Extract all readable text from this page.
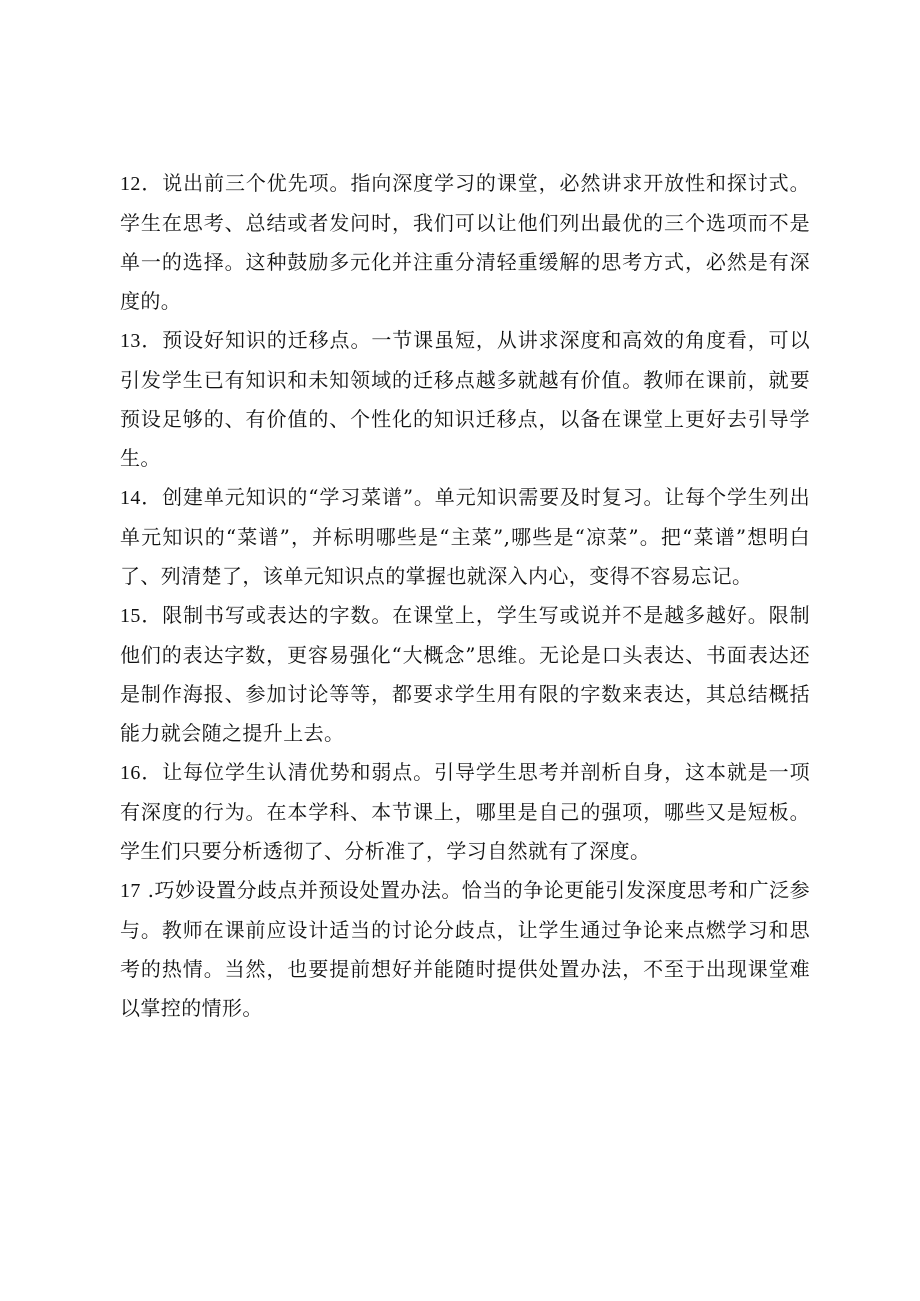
12．说出前三个优先项。指向深度学习的课堂，必然讲求开放性和探讨式。学生在思考、总结或者发问时，我们可以让他们列出最优的三个选项而不是单一的选择。这种鼓励多元化并注重分清轻重缓解的思考方式，必然是有深度的。

13．预设好知识的迁移点。一节课虽短，从讲求深度和高效的角度看，可以引发学生已有知识和未知领域的迁移点越多就越有价值。教师在课前，就要预设足够的、有价值的、个性化的知识迁移点，以备在课堂上更好去引导学生。

14．创建单元知识的“学习菜谱”。单元知识需要及时复习。让每个学生列出单元知识的“菜谱”，并标明哪些是“主菜”,哪些是“凉菜”。把“菜谱”想明白了、列清楚了，该单元知识点的掌握也就深入内心，变得不容易忘记。

15．限制书写或表达的字数。在课堂上，学生写或说并不是越多越好。限制他们的表达字数，更容易强化“大概念”思维。无论是口头表达、书面表达还是制作海报、参加讨论等等，都要求学生用有限的字数来表达，其总结概括能力就会随之提升上去。

16．让每位学生认清优势和弱点。引导学生思考并剖析自身，这本就是一项有深度的行为。在本学科、本节课上，哪里是自己的强项，哪些又是短板。学生们只要分析透彻了、分析准了，学习自然就有了深度。

17 .巧妙设置分歧点并预设处置办法。恰当的争论更能引发深度思考和广泛参与。教师在课前应设计适当的讨论分歧点，让学生通过争论来点燃学习和思考的热情。当然，也要提前想好并能随时提供处置办法，不至于出现课堂难以掌控的情形。
